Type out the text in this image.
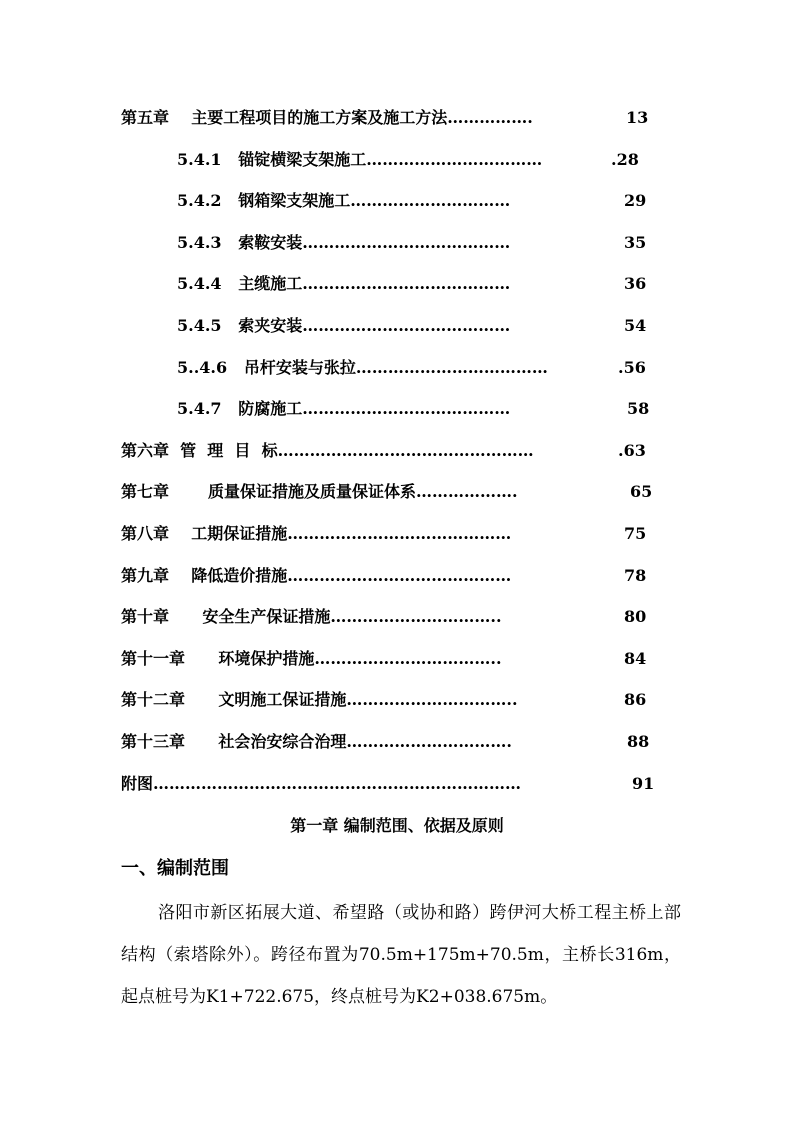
第五章    主要工程项目的施工方案及施工方法…………….	13
5.4.1   锚锭横梁支架施工……………………………	.28
5.4.2   钢箱梁支架施工…………………………	29
5.4.3   索鞍安装…………………………………	35
5.4.4   主缆施工…………………………………	36
5.4.5   索夹安装…………………………………	54
5..4.6   吊杆安装与张拉………………………………	.56
5.4.7   防腐施工…………………………………	58
第六章  管  理  目  标…………………………………………	.63
第七章       质量保证措施及质量保证体系……………….	65
第八章    工期保证措施……………………………………	75
第九章    降低造价措施……………………………………	78
第十章      安全生产保证措施…………………………..	80
第十一章      环境保护措施……………………………..	84
第十二章      文明施工保证措施…………………………..	86
第十三章      社会治安综合治理………………………….	88
附图……………………………………………………………	91
第一章 编制范围、依据及原则
一、编制范围
洛阳市新区拓展大道、希望路（或协和路）跨伊河大桥工程主桥上部结构（索塔除外）。跨径布置为70.5m+175m+70.5m，主桥长316m，起点桩号为K1+722.675，终点桩号为K2+038.675m。
